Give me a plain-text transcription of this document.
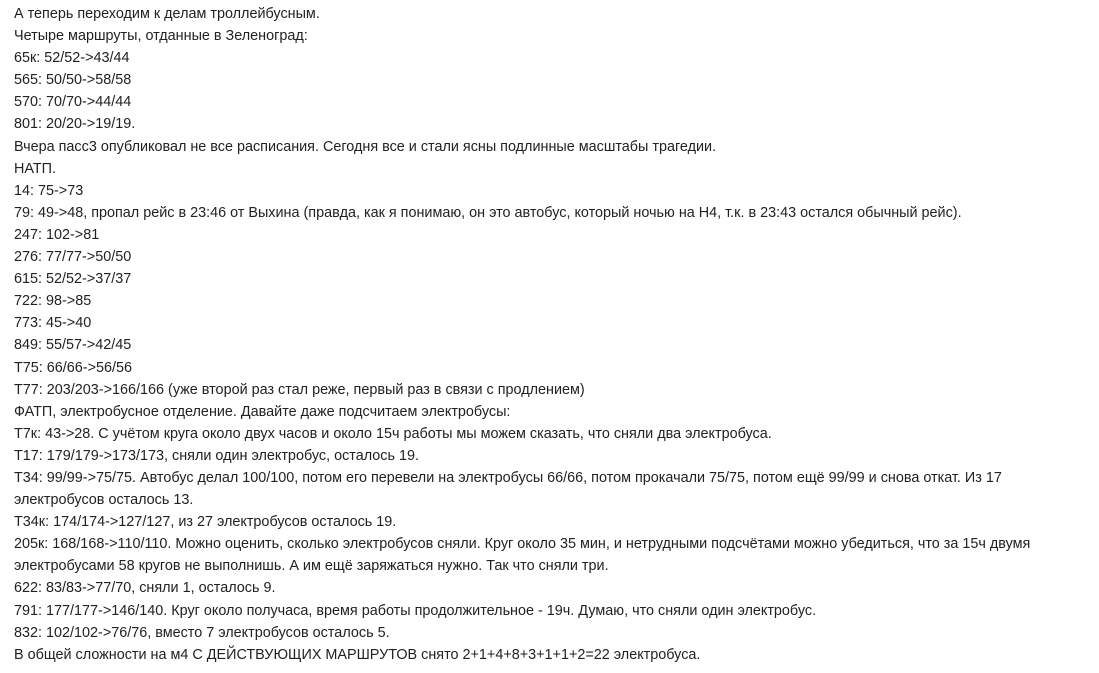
А теперь переходим к делам троллейбусным.

Четыре маршруты, отданные в Зеленоград:

65к: 52/52->43/44

565: 50/50->58/58

570: 70/70->44/44

801: 20/20->19/19.

Вчера пасс3 опубликовал не все расписания. Сегодня все и стали ясны подлинные масштабы трагедии.

НАТП.

14: 75->73

79: 49->48, пропал рейс в 23:46 от Выхина (правда, как я понимаю, он это автобус, который ночью на Н4, т.к. в 23:43 остался обычный рейс).

247: 102->81

276: 77/77->50/50

615: 52/52->37/37

722: 98->85

773: 45->40

849: 55/57->42/45

Т75: 66/66->56/56

Т77: 203/203->166/166 (уже второй раз стал реже, первый раз в связи с продлением)

ФАТП, электробусное отделение. Давайте даже подсчитаем электробусы:

Т7к: 43->28. С учётом круга около двух часов и около 15ч работы мы можем сказать, что сняли два электробуса.

Т17: 179/179->173/173, сняли один электробус, осталось 19.

Т34: 99/99->75/75. Автобус делал 100/100, потом его перевели на электробусы 66/66, потом прокачали 75/75, потом ещё 99/99 и снова откат. Из 17 электробусов осталось 13.

Т34к: 174/174->127/127, из 27 электробусов осталось 19.

205к: 168/168->110/110. Можно оценить, сколько электробусов сняли. Круг около 35 мин, и нетрудными подсчётами можно убедиться, что за 15ч двумя электробусами 58 кругов не выполнишь. А им ещё заряжаться нужно. Так что сняли три.

622: 83/83->77/70, сняли 1, осталось 9.

791: 177/177->146/140. Круг около получаса, время работы продолжительное - 19ч. Думаю, что сняли один электробус.

832: 102/102->76/76, вместо 7 электробусов осталось 5.

В общей сложности на м4 С ДЕЙСТВУЮЩИХ МАРШРУТОВ снято 2+1+4+8+3+1+1+2=22 электробуса.
